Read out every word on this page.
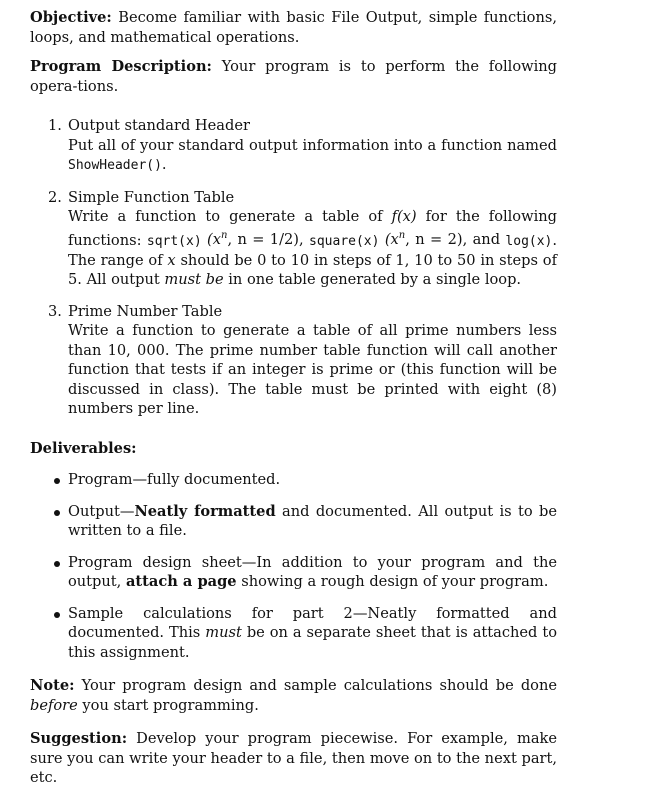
Objective: Become familiar with basic File Output, simple functions, loops, and mathematical operations.

Program Description: Your program is to perform the following opera-tions.

1. Output standard Header
Put all of your standard output information into a function named ShowHeader().
2. Simple Function Table
Write a function to generate a table of f(x) for the following functions: sqrt(x) ($x^n$, n = 1/2), square(x) ($x^n$, n = 2), and log(x). The range of x should be 0 to 10 in steps of 1, 10 to 50 in steps of 5. All output must be in one table generated by a single loop.
3. Prime Number Table
Write a function to generate a table of all prime numbers less than 10, 000. The prime number table function will call another function that tests if an integer is prime or (this function will be discussed in class). The table must be printed with eight (8) numbers per line.

Deliverables:

Program—fully documented.
Output—Neatly formatted and documented. All output is to be written to a file.
Program design sheet—In addition to your program and the output, attach a page showing a rough design of your program.
Sample calculations for part 2—Neatly formatted and documented. This must be on a separate sheet that is attached to this assignment.

Note: Your program design and sample calculations should be done before you start programming.

Suggestion: Develop your program piecewise. For example, make sure you can write your header to a file, then move on to the next part, etc.
